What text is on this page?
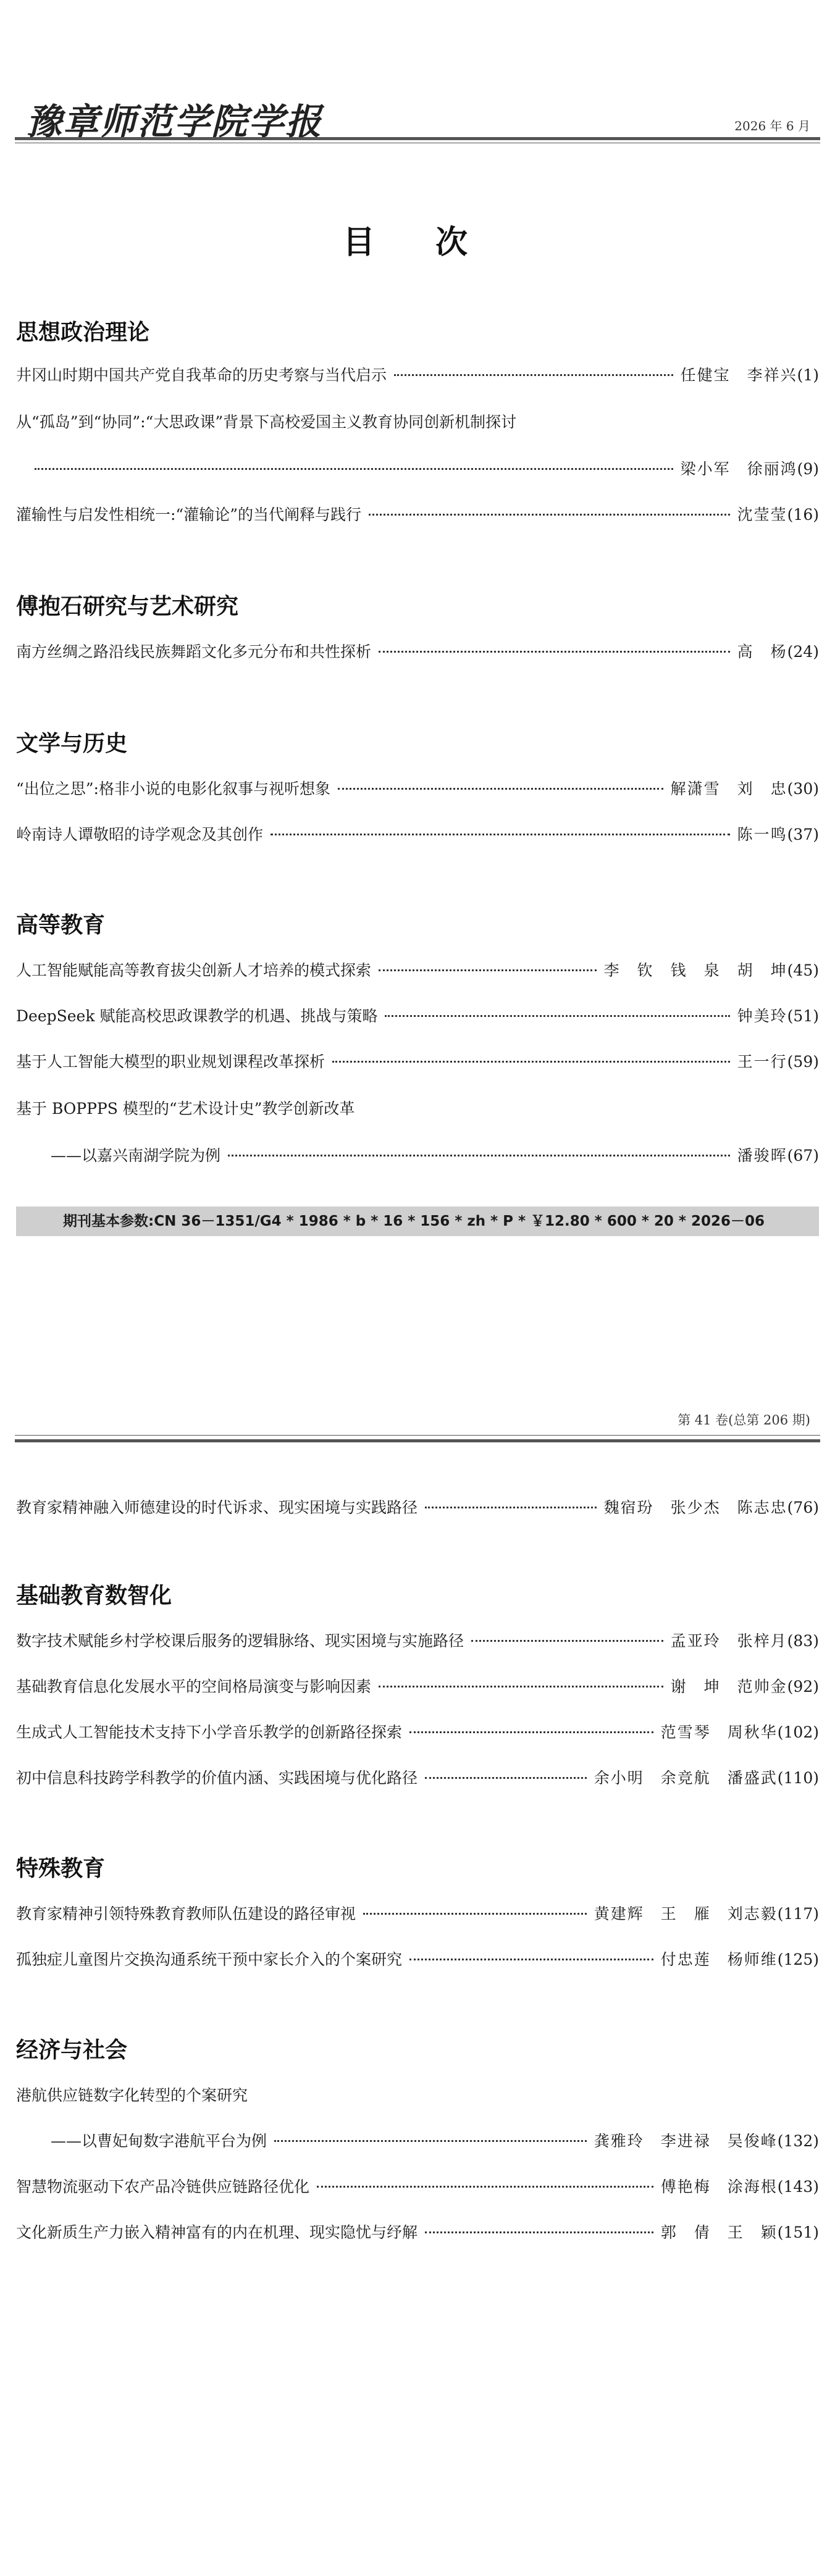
豫章师范学院学报	2026 年 6 月
目 次
思想政治理论
井冈山时期中国共产党自我革命的历史考察与当代启示	任健宝　李祥兴 (1)
从“孤岛”到“协同”:“大思政课”背景下高校爱国主义教育协同创新机制探讨
梁小军　徐丽鸿 (9)
灌输性与启发性相统一:“灌输论”的当代阐释与践行	沈莹莹 (16)
傅抱石研究与艺术研究
南方丝绸之路沿线民族舞蹈文化多元分布和共性探析	高　杨 (24)
文学与历史
“出位之思”:格非小说的电影化叙事与视听想象	解潇雪　刘　忠 (30)
岭南诗人谭敬昭的诗学观念及其创作	陈一鸣 (37)
高等教育
人工智能赋能高等教育拔尖创新人才培养的模式探索	李　钦　钱　泉　胡　坤 (45)
DeepSeek 赋能高校思政课教学的机遇、挑战与策略	钟美玲 (51)
基于人工智能大模型的职业规划课程改革探析	王一行 (59)
基于 BOPPPS 模型的“艺术设计史”教学创新改革
——以嘉兴南湖学院为例	潘骏晖 (67)
期刊基本参数:CN 36－1351/G4 * 1986 * b * 16 * 156 * zh * P * ￥12.80 * 600 * 20 * 2026－06
第 41 卷(总第 206 期)
教育家精神融入师德建设的时代诉求、现实困境与实践路径	魏宿玢　张少杰　陈志忠 (76)
基础教育数智化
数字技术赋能乡村学校课后服务的逻辑脉络、现实困境与实施路径	孟亚玲　张梓月 (83)
基础教育信息化发展水平的空间格局演变与影响因素	谢　坤　范帅金 (92)
生成式人工智能技术支持下小学音乐教学的创新路径探索	范雪琴　周秋华 (102)
初中信息科技跨学科教学的价值内涵、实践困境与优化路径	余小明　余竞航　潘盛武 (110)
特殊教育
教育家精神引领特殊教育教师队伍建设的路径审视	黄建辉　王　雁　刘志毅 (117)
孤独症儿童图片交换沟通系统干预中家长介入的个案研究	付忠莲　杨师维 (125)
经济与社会
港航供应链数字化转型的个案研究
——以曹妃甸数字港航平台为例	龚雅玲　李进禄　吴俊峰 (132)
智慧物流驱动下农产品冷链供应链路径优化	傅艳梅　涂海根 (143)
文化新质生产力嵌入精神富有的内在机理、现实隐忧与纾解	郭　倩　王　颖 (151)
